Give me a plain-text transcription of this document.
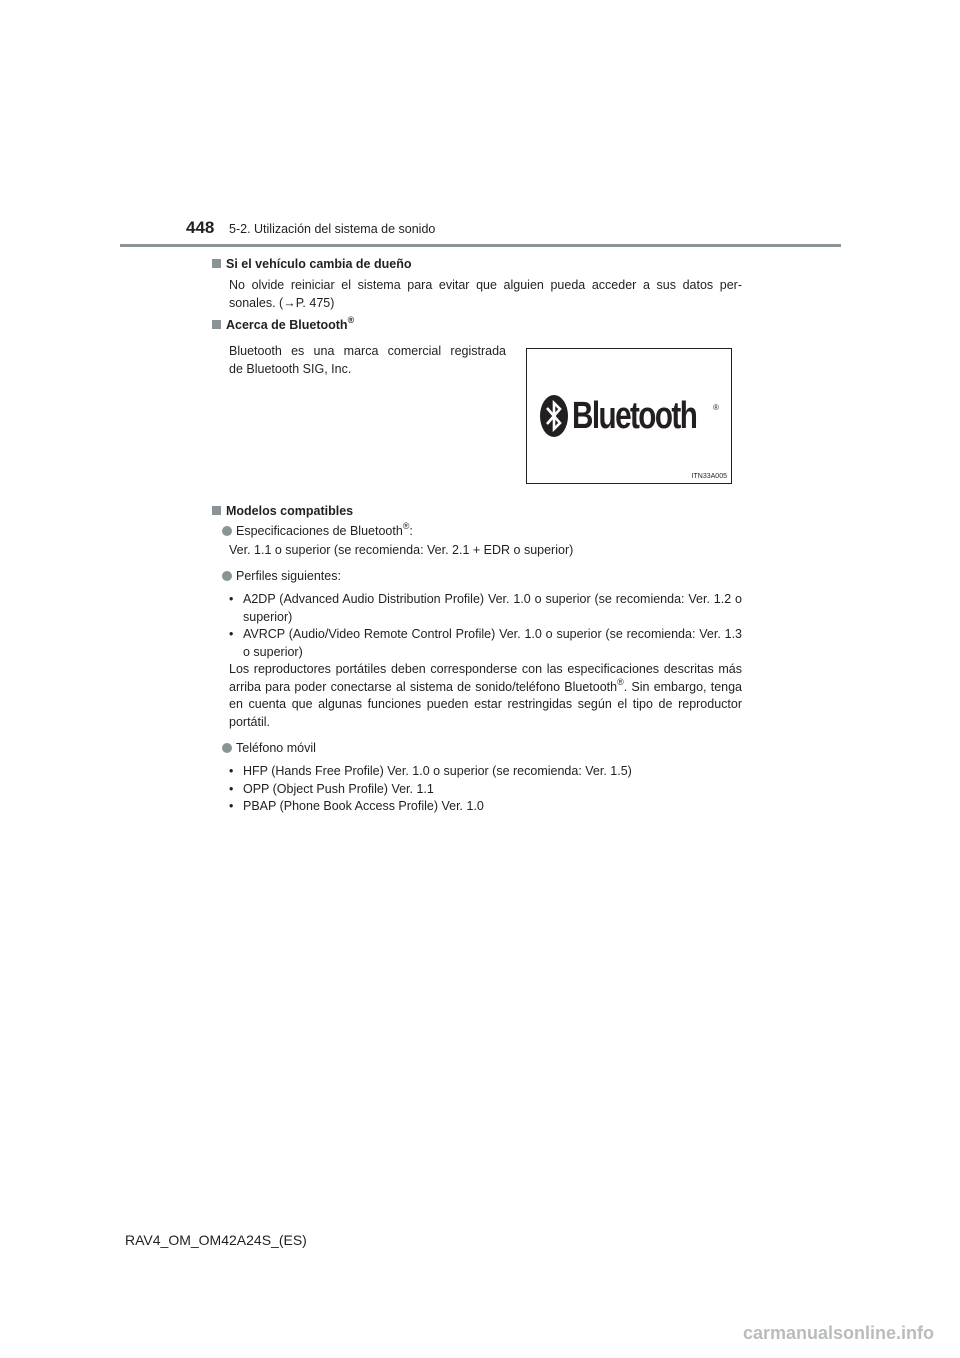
448 5-2. Utilización del sistema de sonido
Si el vehículo cambia de dueño
No olvide reiniciar el sistema para evitar que alguien pueda acceder a sus datos per-
sonales. (→P. 475)
Acerca de Bluetooth®
Bluetooth es una marca comercial registrada
de Bluetooth SIG, Inc.
Bluetooth ®
ITN33A005
Modelos compatibles
Especificaciones de Bluetooth®:
Ver. 1.1 o superior (se recomienda: Ver. 2.1 + EDR o superior)
Perfiles siguientes:
• A2DP (Advanced Audio Distribution Profile) Ver. 1.0 o superior (se recomienda: Ver. 1.2 o superior)
• AVRCP (Audio/Video Remote Control Profile) Ver. 1.0 o superior (se recomienda: Ver. 1.3 o superior)
Los reproductores portátiles deben corresponderse con las especificaciones descritas más arriba para poder conectarse al sistema de sonido/teléfono Bluetooth®. Sin embargo, tenga en cuenta que algunas funciones pueden estar restringidas según el tipo de reproductor portátil.
Teléfono móvil
• HFP (Hands Free Profile) Ver. 1.0 o superior (se recomienda: Ver. 1.5)
• OPP (Object Push Profile) Ver. 1.1
• PBAP (Phone Book Access Profile) Ver. 1.0
RAV4_OM_OM42A24S_(ES)
carmanualsonline.info
